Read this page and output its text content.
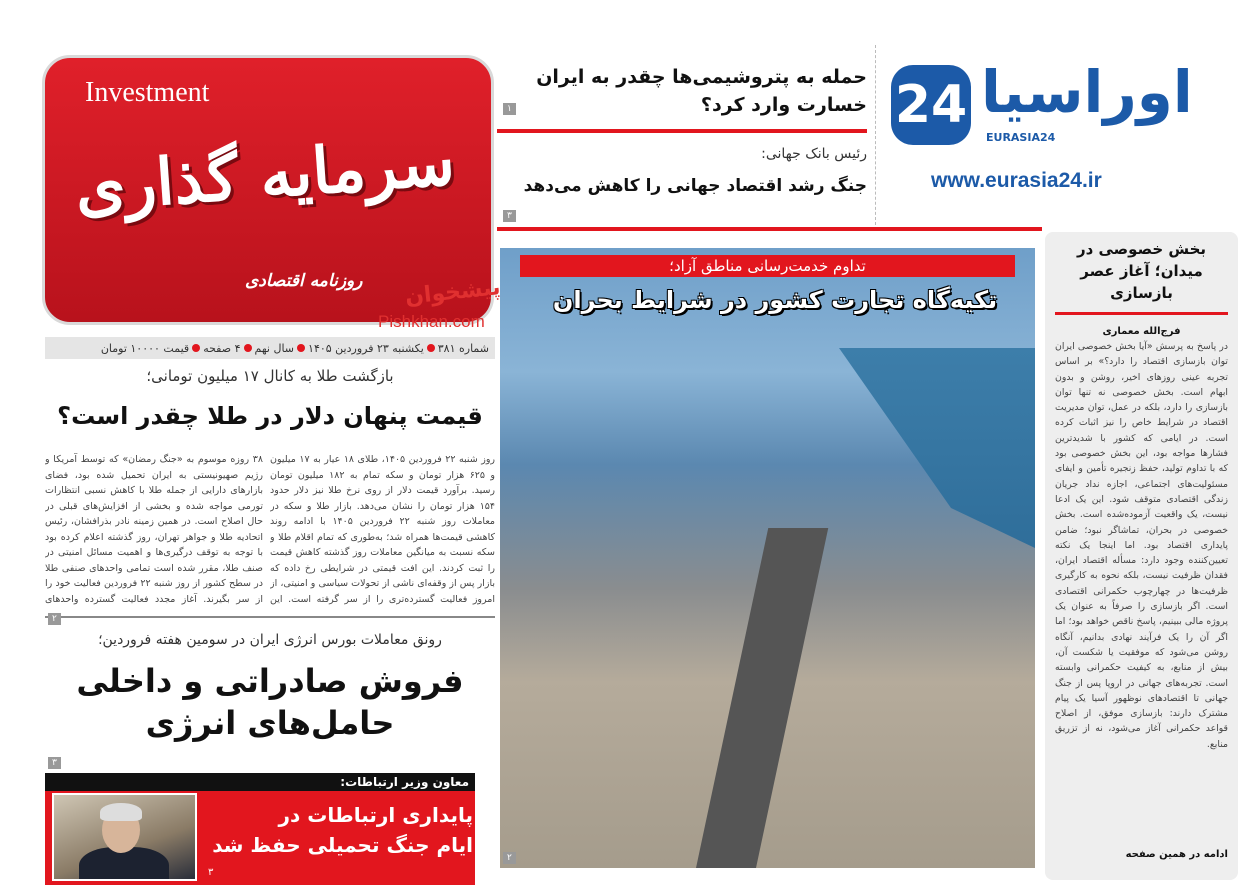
Investment
سرمایه گذاری
روزنامه اقتصادی
شماره ۳۸۱
یکشنبه ۲۳ فروردین ۱۴۰۵
سال نهم
۴ صفحه
قیمت ۱۰۰۰۰ تومان
بازگشت طلا به کانال ۱۷ میلیون تومانی؛
قیمت پنهان دلار در طلا چقدر است؟
روز شنبه ۲۲ فروردین ۱۴۰۵، طلای ۱۸ عیار به ۱۷ میلیون و ۶۲۵ هزار تومان و سکه تمام به ۱۸۲ میلیون تومان رسید. برآورد قیمت دلار از روی نرخ طلا نیز دلار حدود ۱۵۴ هزار تومان را نشان می‌دهد. بازار طلا و سکه در معاملات روز شنبه ۲۲ فروردین ۱۴۰۵ با ادامه روند کاهشی قیمت‌ها همراه شد؛ به‌طوری که تمام اقلام طلا و سکه نسبت به میانگین معاملات روز گذشته کاهش قیمت را ثبت کردند. این افت قیمتی در شرایطی رخ داده که بازار پس از وقفه‌ای ناشی از تحولات سیاسی و امنیتی، از امروز فعالیت گسترده‌تری را از سر گرفته است. این
۳۸ روزه موسوم به «جنگ رمضان» که توسط آمریکا و رژیم صهیونیستی به ایران تحمیل شده بود، فضای بازارهای دارایی از جمله طلا با کاهش نسبی انتظارات تورمی مواجه شده و بخشی از افزایش‌های قبلی در حال اصلاح است. در همین زمینه نادر بذرافشان، رئیس اتحادیه طلا و جواهر تهران، روز گذشته اعلام کرده بود با توجه به توقف درگیری‌ها و اهمیت مسائل امنیتی در صنف طلا، مقرر شده است تمامی واحدهای صنفی طلا در سطح کشور از روز شنبه ۲۲ فروردین فعالیت خود را از سر بگیرند. آغاز مجدد فعالیت گسترده واحدهای
۲
رونق معاملات بورس انرژی ایران در سومین هفته فروردین؛
فروش صادراتی و داخلی
حامل‌های انرژی
۳
معاون وزیر ارتباطات:
پایداری ارتباطات در
ایام جنگ تحمیلی حفظ شد
۳
حمله به پتروشیمی‌ها چقدر به ایران خسارت وارد کرد؟
۱
رئیس بانک جهانی:
جنگ رشد اقتصاد جهانی را کاهش می‌دهد
۳
24 اوراسیا
EURASIA24
www.eurasia24.ir
تداوم خدمت‌رسانی مناطق آزاد؛
تکیه‌گاه تجارت کشور در شرایط بحران
۲
پیشخوان
Pishkhan.com
بخش خصوصی در میدان؛ آغاز عصر بازسازی
فرج‌الله معماری
در پاسخ به پرسش «آیا بخش خصوصی ایران توان بازسازی اقتصاد را دارد؟» بر اساس تجربه عینی روزهای اخیر، روشن و بدون ابهام است. بخش خصوصی نه تنها توان بازسازی را دارد، بلکه در عمل، توان مدیریت اقتصاد در شرایط خاص را نیز اثبات کرده است. در ایامی که کشور با شدیدترین فشارها مواجه بود، این بخش خصوصی بود که با تداوم تولید، حفظ زنجیره تأمین و ایفای مسئولیت‌های اجتماعی، اجازه نداد جریان زندگی اقتصادی متوقف شود. این یک ادعا نیست، یک واقعیت آزموده‌شده است. بخش خصوصی در بحران، تماشاگر نبود؛ ضامن پایداری اقتصاد بود. اما اینجا یک نکته تعیین‌کننده وجود دارد: مسأله اقتصاد ایران، فقدان ظرفیت نیست، بلکه نحوه به کارگیری ظرفیت‌ها در چهارچوب حکمرانی اقتصادی است. اگر بازسازی را صرفاً به عنوان یک پروژه مالی ببینیم، پاسخ ناقص خواهد بود؛ اما اگر آن را یک فرآیند نهادی بدانیم، آنگاه روشن می‌شود که موفقیت یا شکست آن، بیش از منابع، به کیفیت حکمرانی وابسته است. تجربه‌های جهانی در اروپا پس از جنگ جهانی تا اقتصادهای نوظهور آسیا یک پیام مشترک دارند: بازسازی موفق، از اصلاح قواعد حکمرانی آغاز می‌شود، نه از تزریق منابع.
ادامه در همین صفحه
